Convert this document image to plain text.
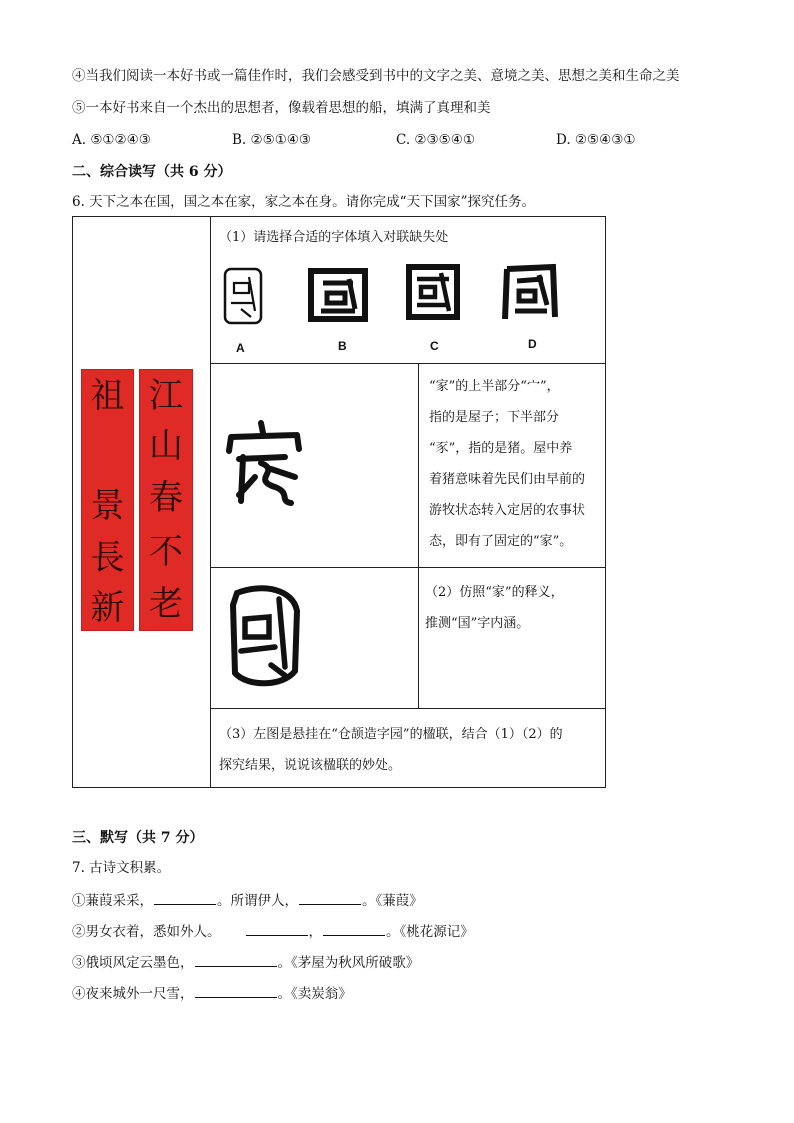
④当我们阅读一本好书或一篇佳作时，我们会感受到书中的文字之美、意境之美、思想之美和生命之美
⑤一本好书来自一个杰出的思想者，像载着思想的船，填满了真理和美
A. ⑤①②④③	B. ②⑤①④③	C. ②③⑤④①	D. ②⑤④③①
二、综合读写（共 6 分）
6. 天下之本在国，国之本在家，家之本在身。请你完成“天下国家”探究任务。
祖
景
長
新
江
山
春
不
老
（1）请选择合适的字体填入对联缺失处
A	B	C	D
“家”的上半部分“宀”，
指的是屋子；下半部分
“豕”，指的是猪。屋中养
着猪意味着先民们由早前的
游牧状态转入定居的农事状
态，即有了固定的“家”。
（2）仿照“家”的释义，
推测“国”字内涵。
（3）左图是悬挂在“仓颉造字园”的楹联，结合（1）（2）的
探究结果，说说该楹联的妙处。
三、默写（共 7 分）
7. 古诗文积累。
①蒹葭采采，	。所谓伊人，	。《蒹葭》
②男女衣着，悉如外人。	，	。《桃花源记》
③俄顷风定云墨色，	。《茅屋为秋风所破歌》
④夜来城外一尺雪，	。《卖炭翁》
